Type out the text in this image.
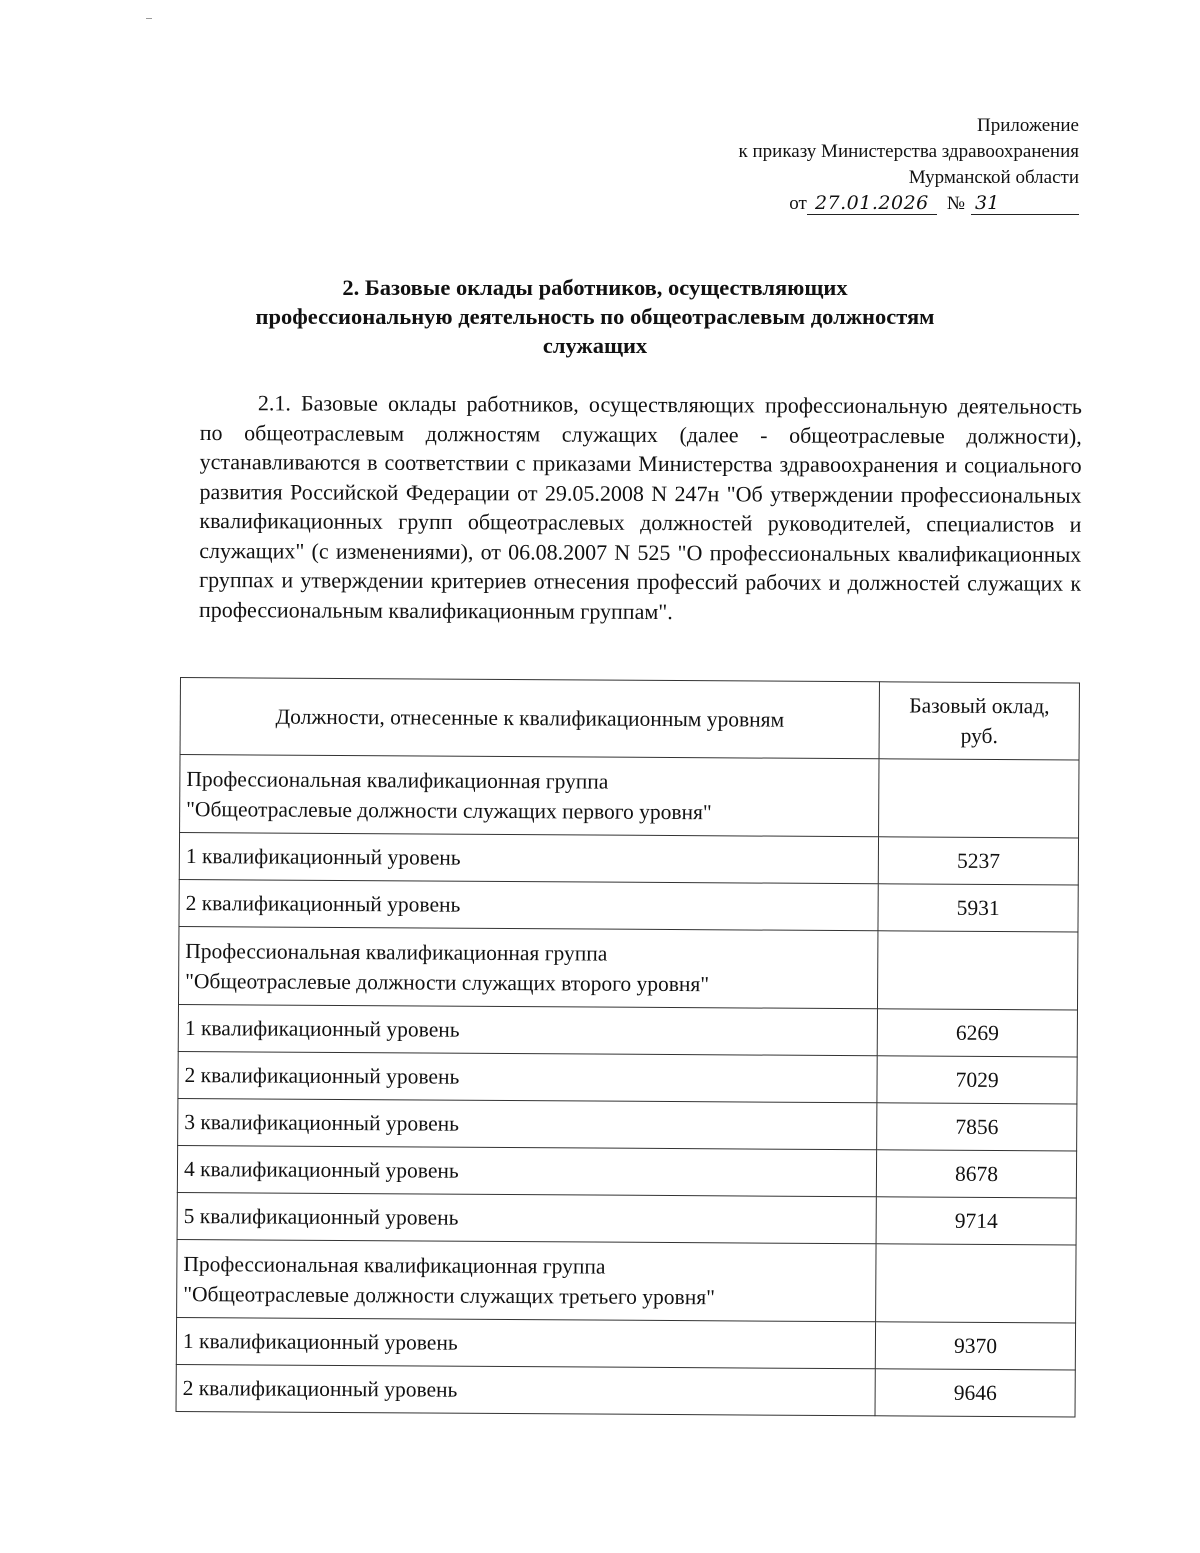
Приложение
к приказу Министерства здравоохранения
Мурманской области
от 27.01.2026 № 31
2. Базовые оклады работников, осуществляющих
профессиональную деятельность по общеотраслевым должностям
служащих
2.1. Базовые оклады работников, осуществляющих профессиональную деятельность по общеотраслевым должностям служащих (далее - общеотраслевые должности), устанавливаются в соответствии с приказами Министерства здравоохранения и социального развития Российской Федерации от 29.05.2008 N 247н "Об утверждении профессиональных квалификационных групп общеотраслевых должностей руководителей, специалистов и служащих" (с изменениями), от 06.08.2007 N 525 "О профессиональных квалификационных группах и утверждении критериев отнесения профессий рабочих и должностей служащих к профессиональным квалификационным группам".
Должности, отнесенные к квалификационным уровням	Базовый оклад,
руб.

Профессиональная квалификационная группа
"Общеотраслевые должности служащих первого уровня"	

1 квалификационный уровень	5237
2 квалификационный уровень	5931

Профессиональная квалификационная группа
"Общеотраслевые должности служащих второго уровня"	

1 квалификационный уровень	6269
2 квалификационный уровень	7029
3 квалификационный уровень	7856
4 квалификационный уровень	8678
5 квалификационный уровень	9714

Профессиональная квалификационная группа
"Общеотраслевые должности служащих третьего уровня"	

1 квалификационный уровень	9370
2 квалификационный уровень	9646
